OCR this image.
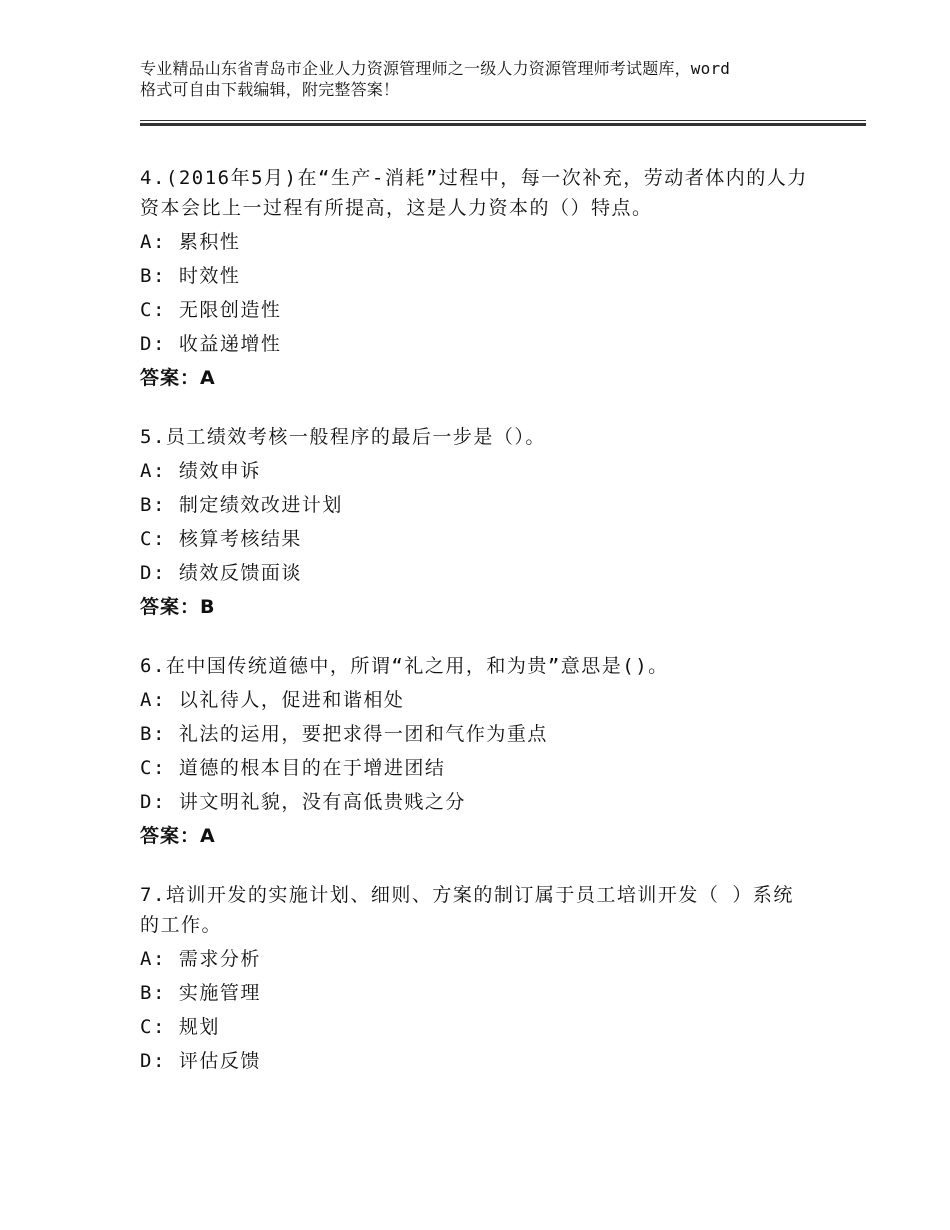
专业精品山东省青岛市企业人力资源管理师之一级人力资源管理师考试题库，word
格式可自由下载编辑，附完整答案！
4.(2016年5月)在“生产-消耗”过程中，每一次补充，劳动者体内的人力资本会比上一过程有所提高，这是人力资本的（）特点。
A: 累积性
B: 时效性
C: 无限创造性
D: 收益递增性
答案：A
5.员工绩效考核一般程序的最后一步是（）。
A: 绩效申诉
B: 制定绩效改进计划
C: 核算考核结果
D: 绩效反馈面谈
答案：B
6.在中国传统道德中，所谓“礼之用，和为贵”意思是()。
A: 以礼待人，促进和谐相处
B: 礼法的运用，要把求得一团和气作为重点
C: 道德的根本目的在于增进团结
D: 讲文明礼貌，没有高低贵贱之分
答案：A
7.培训开发的实施计划、细则、方案的制订属于员工培训开发（ ）系统的工作。
A: 需求分析
B: 实施管理
C: 规划
D: 评估反馈
